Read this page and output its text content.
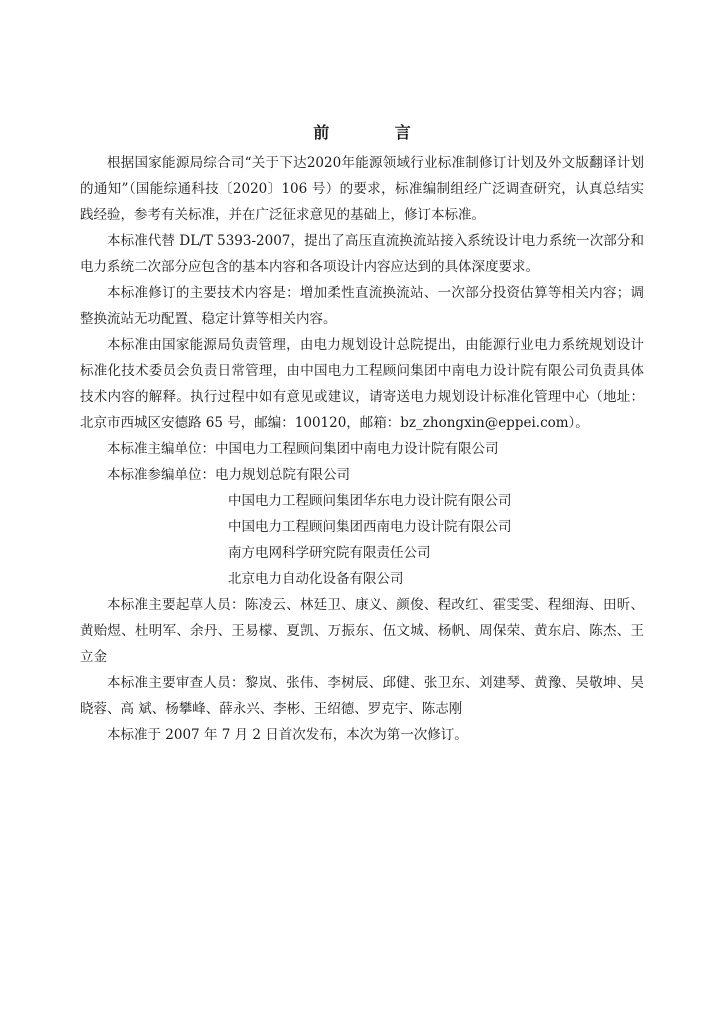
前 言

根据国家能源局综合司“关于下达2020年能源领域行业标准制修订计划及外文版翻译计划的通知”（国能综通科技〔2020〕106 号）的要求，标准编制组经广泛调查研究，认真总结实践经验，参考有关标准，并在广泛征求意见的基础上，修订本标准。

本标准代替 DL/T 5393-2007，提出了高压直流换流站接入系统设计电力系统一次部分和电力系统二次部分应包含的基本内容和各项设计内容应达到的具体深度要求。

本标准修订的主要技术内容是：增加柔性直流换流站、一次部分投资估算等相关内容；调整换流站无功配置、稳定计算等相关内容。

本标准由国家能源局负责管理，由电力规划设计总院提出，由能源行业电力系统规划设计标准化技术委员会负责日常管理，由中国电力工程顾问集团中南电力设计院有限公司负责具体技术内容的解释。执行过程中如有意见或建议，请寄送电力规划设计标准化管理中心（地址：北京市西城区安德路 65 号，邮编：100120，邮箱：bz_zhongxin@eppei.com）。

本标准主编单位： 中国电力工程顾问集团中南电力设计院有限公司
本标准参编单位： 电力规划总院有限公司
中国电力工程顾问集团华东电力设计院有限公司
中国电力工程顾问集团西南电力设计院有限公司
南方电网科学研究院有限责任公司
北京电力自动化设备有限公司

本标准主要起草人员：陈凌云、林廷卫、康义、颜俊、程改红、霍雯雯、程细海、田昕、黄贻煜、杜明军、余丹、王易檬、夏凯、万振东、伍文城、杨帆、周保荣、黄东启、陈杰、王立金

本标准主要审查人员：黎岚、张伟、李树辰、邱健、张卫东、刘建琴、黄豫、吴敬坤、吴晓蓉、高 斌、杨攀峰、薛永兴、李彬、王绍德、罗克宇、陈志刚

本标准于 2007 年 7 月 2 日首次发布，本次为第一次修订。
